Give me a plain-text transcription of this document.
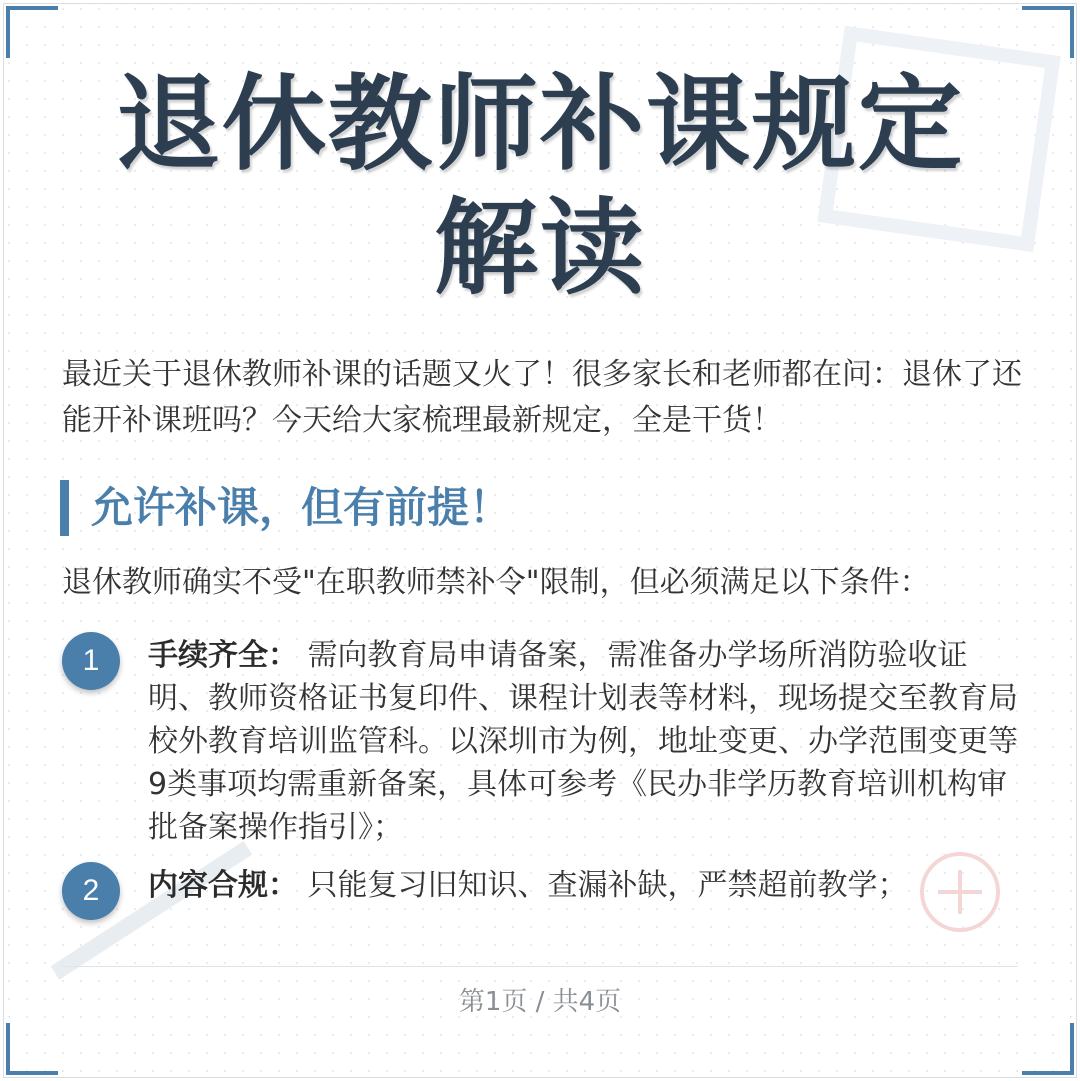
退休教师补课规定解读

最近关于退休教师补课的话题又火了！很多家长和老师都在问：退休了还能开补课班吗？今天给大家梳理最新规定，全是干货！

允许补课，但有前提！

退休教师确实不受"在职教师禁补令"限制，但必须满足以下条件：

1	手续齐全： 需向教育局申请备案，需准备办学场所消防验收证明、教师资格证书复印件、课程计划表等材料，现场提交至教育局校外教育培训监管科。以深圳市为例，地址变更、办学范围变更等9类事项均需重新备案，具体可参考《民办非学历教育培训机构审批备案操作指引》；
2	内容合规： 只能复习旧知识、查漏补缺，严禁超前教学；
第1页 / 共4页
